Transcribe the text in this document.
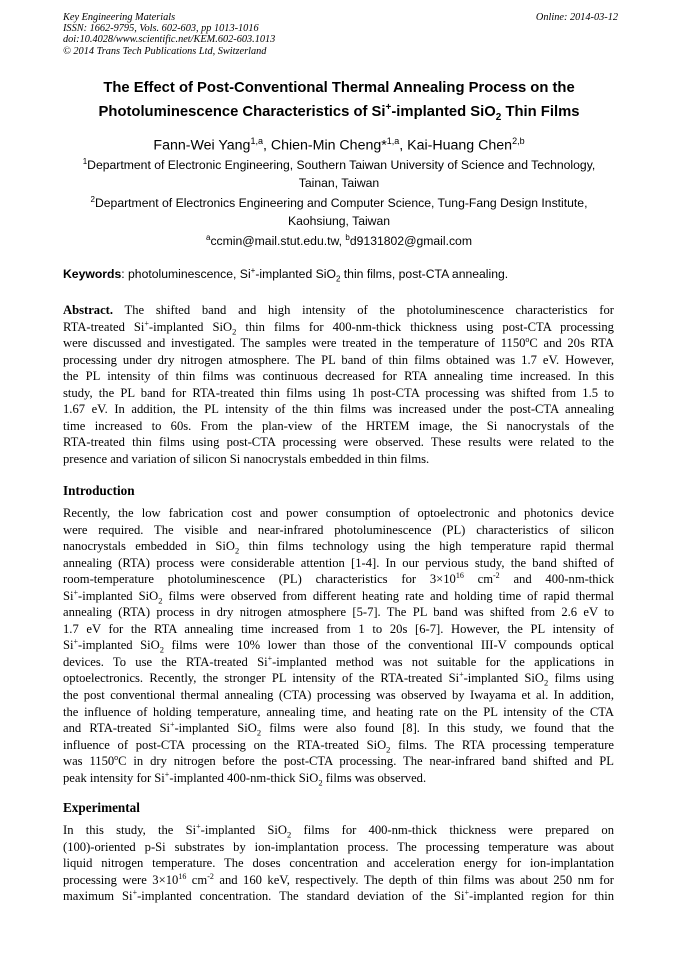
Key Engineering Materials
ISSN: 1662-9795, Vols. 602-603, pp 1013-1016
doi:10.4028/www.scientific.net/KEM.602-603.1013
© 2014 Trans Tech Publications Ltd, Switzerland
Online: 2014-03-12
The Effect of Post-Conventional Thermal Annealing Process on the
Photoluminescence Characteristics of Si+-implanted SiO$_2$ Thin Films
Fann-Wei Yang$^{1,a}$, Chien-Min Cheng*$^{1,a}$, Kai-Huang Chen$^{2,b}$
$^1$Department of Electronic Engineering, Southern Taiwan University of Science and Technology,
Tainan, Taiwan
$^2$Department of Electronics Engineering and Computer Science, Tung-Fang Design Institute,
Kaohsiung, Taiwan
$^a$ccmin@mail.stut.edu.tw, $^b$d9131802@gmail.com
Keywords: photoluminescence, Si+-implanted SiO$_2$ thin films, post-CTA annealing.
Abstract. The shifted band and high intensity of the photoluminescence characteristics for
RTA-treated Si+-implanted SiO$_2$ thin films for 400-nm-thick thickness using post-CTA processing
were discussed and investigated. The samples were treated in the temperature of 1150$^o$C and 20s RTA
processing under dry nitrogen atmosphere. The PL band of thin films obtained was 1.7 eV. However,
the PL intensity of thin films was continuous decreased for RTA annealing time increased. In this
study, the PL band for RTA-treated thin films using 1h post-CTA processing was shifted from 1.5 to
1.67 eV. In addition, the PL intensity of the thin films was increased under the post-CTA annealing
time increased to 60s. From the plan-view of the HRTEM image, the Si nanocrystals of the
RTA-treated thin films using post-CTA processing were observed. These results were related to the
presence and variation of silicon Si nanocrystals embedded in thin films.
Introduction
Recently, the low fabrication cost and power consumption of optoelectronic and photonics device
were required. The visible and near-infrared photoluminescence (PL) characteristics of silicon
nanocrystals embedded in SiO$_2$ thin films technology using the high temperature rapid thermal
annealing (RTA) process were considerable attention [1-4]. In our pervious study, the band shifted of
room-temperature photoluminescence (PL) characteristics for $3\times 10^{16}$ $cm^{-2}$ and 400-nm-thick
Si+-implanted SiO$_2$ films were observed from different heating rate and holding time of rapid thermal
annealing (RTA) process in dry nitrogen atmosphere [5-7]. The PL band was shifted from 2.6 eV to
1.7 eV for the RTA annealing time increased from 1 to 20s [6-7]. However, the PL intensity of
Si+-implanted SiO$_2$ films were 10% lower than those of the conventional III-V compounds optical
devices. To use the RTA-treated Si+-implanted method was not suitable for the applications in
optoelectronics. Recently, the stronger PL intensity of the RTA-treated Si+-implanted SiO$_2$ films using
the post conventional thermal annealing (CTA) processing was observed by Iwayama et al. In addition,
the influence of holding temperature, annealing time, and heating rate on the PL intensity of the CTA
and RTA-treated Si+-implanted SiO$_2$ films were also found [8]. In this study, we found that the
influence of post-CTA processing on the RTA-treated SiO$_2$ films. The RTA processing temperature
was 1150$^o$C in dry nitrogen before the post-CTA processing. The near-infrared band shifted and PL
peak intensity for Si+-implanted 400-nm-thick SiO$_2$ films was observed.
Experimental
In this study, the Si+-implanted SiO$_2$ films for 400-nm-thick thickness were prepared on
(100)-oriented p-Si substrates by ion-implantation process. The processing temperature was about
liquid nitrogen temperature. The doses concentration and acceleration energy for ion-implantation
processing were $3\times 10^{16}$ $cm^{-2}$ and 160 keV, respectively. The depth of thin films was about 250 nm for
maximum Si+-implanted concentration. The standard deviation of the Si+-implanted region for thin
